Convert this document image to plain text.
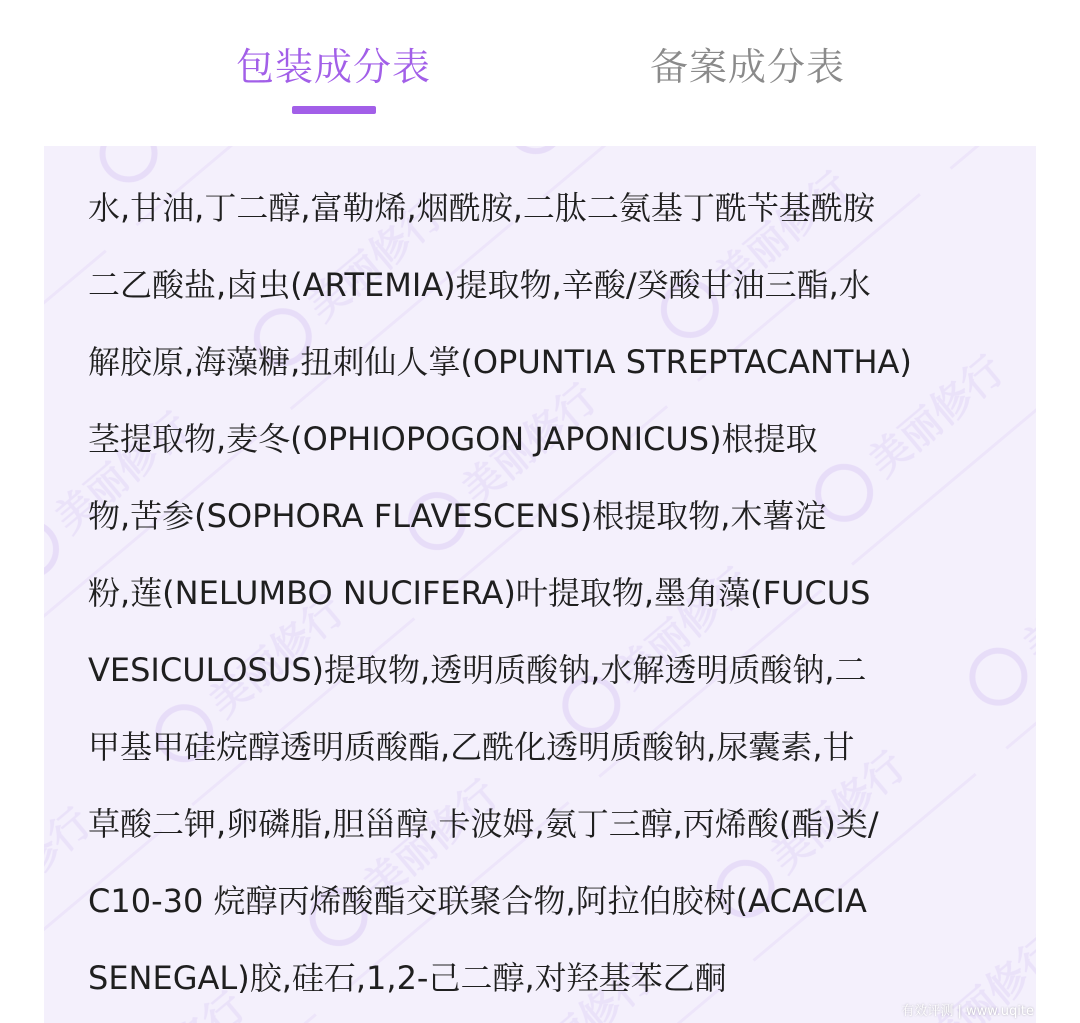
包装成分表	备案成分表
水,甘油,丁二醇,富勒烯,烟酰胺,二肽二氨基丁酰苄基酰胺
二乙酸盐,卤虫(ARTEMIA)提取物,辛酸/癸酸甘油三酯,水
解胶原,海藻糖,扭刺仙人掌(OPUNTIA STREPTACANTHA)
茎提取物,麦冬(OPHIOPOGON JAPONICUS)根提取
物,苦参(SOPHORA FLAVESCENS)根提取物,木薯淀
粉,莲(NELUMBO NUCIFERA)叶提取物,墨角藻(FUCUS
VESICULOSUS)提取物,透明质酸钠,水解透明质酸钠,二
甲基甲硅烷醇透明质酸酯,乙酰化透明质酸钠,尿囊素,甘
草酸二钾,卵磷脂,胆甾醇,卡波姆,氨丁三醇,丙烯酸(酯)类/
C10-30 烷醇丙烯酸酯交联聚合物,阿拉伯胶树(ACACIA
SENEGAL)胶,硅石,1,2-己二醇,对羟基苯乙酮
有效评测 | www.uqite
